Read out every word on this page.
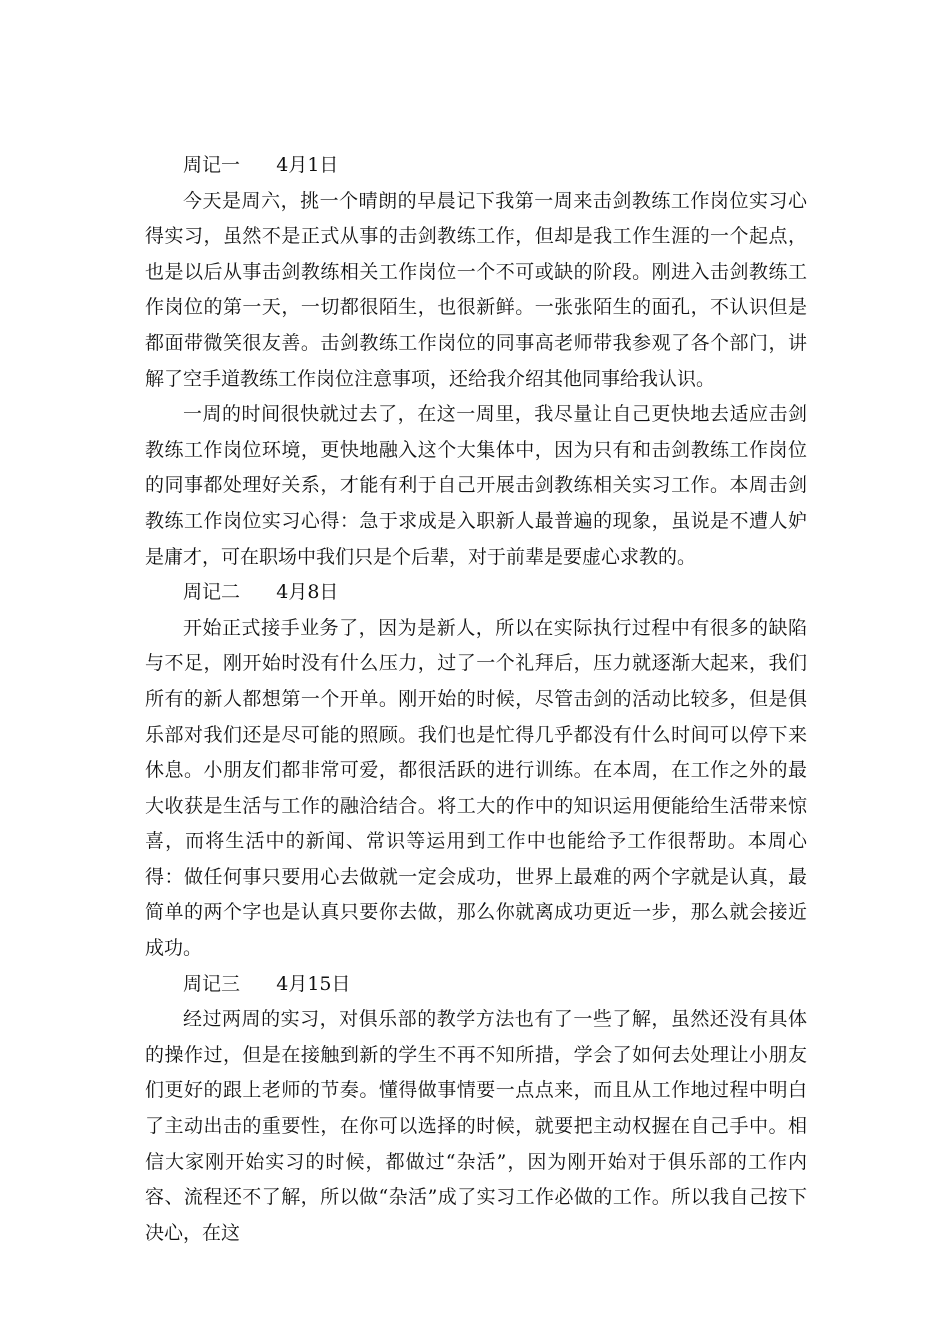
周记一      4月1日

今天是周六，挑一个晴朗的早晨记下我第一周来击剑教练工作岗位实习心得实习，虽然不是正式从事的击剑教练工作，但却是我工作生涯的一个起点，也是以后从事击剑教练相关工作岗位一个不可或缺的阶段。刚进入击剑教练工作岗位的第一天，一切都很陌生，也很新鲜。一张张陌生的面孔，不认识但是都面带微笑很友善。击剑教练工作岗位的同事高老师带我参观了各个部门，讲解了空手道教练工作岗位注意事项，还给我介绍其他同事给我认识。

一周的时间很快就过去了，在这一周里，我尽量让自己更快地去适应击剑教练工作岗位环境，更快地融入这个大集体中，因为只有和击剑教练工作岗位的同事都处理好关系，才能有利于自己开展击剑教练相关实习工作。本周击剑教练工作岗位实习心得：急于求成是入职新人最普遍的现象，虽说是不遭人妒是庸才，可在职场中我们只是个后辈，对于前辈是要虚心求教的。

周记二      4月8日

开始正式接手业务了，因为是新人，所以在实际执行过程中有很多的缺陷与不足，刚开始时没有什么压力，过了一个礼拜后，压力就逐渐大起来，我们所有的新人都想第一个开单。刚开始的时候，尽管击剑的活动比较多，但是俱乐部对我们还是尽可能的照顾。我们也是忙得几乎都没有什么时间可以停下来休息。小朋友们都非常可爱，都很活跃的进行训练。在本周，在工作之外的最大收获是生活与工作的融洽结合。将工大的作中的知识运用便能给生活带来惊喜，而将生活中的新闻、常识等运用到工作中也能给予工作很帮助。本周心得：做任何事只要用心去做就一定会成功，世界上最难的两个字就是认真，最简单的两个字也是认真只要你去做，那么你就离成功更近一步，那么就会接近成功。

周记三      4月15日

经过两周的实习，对俱乐部的教学方法也有了一些了解，虽然还没有具体的操作过，但是在接触到新的学生不再不知所措，学会了如何去处理让小朋友们更好的跟上老师的节奏。懂得做事情要一点点来，而且从工作地过程中明白了主动出击的重要性，在你可以选择的时候，就要把主动权握在自己手中。相信大家刚开始实习的时候，都做过“杂活”，因为刚开始对于俱乐部的工作内容、流程还不了解，所以做“杂活”成了实习工作必做的工作。所以我自己按下决心，在这
